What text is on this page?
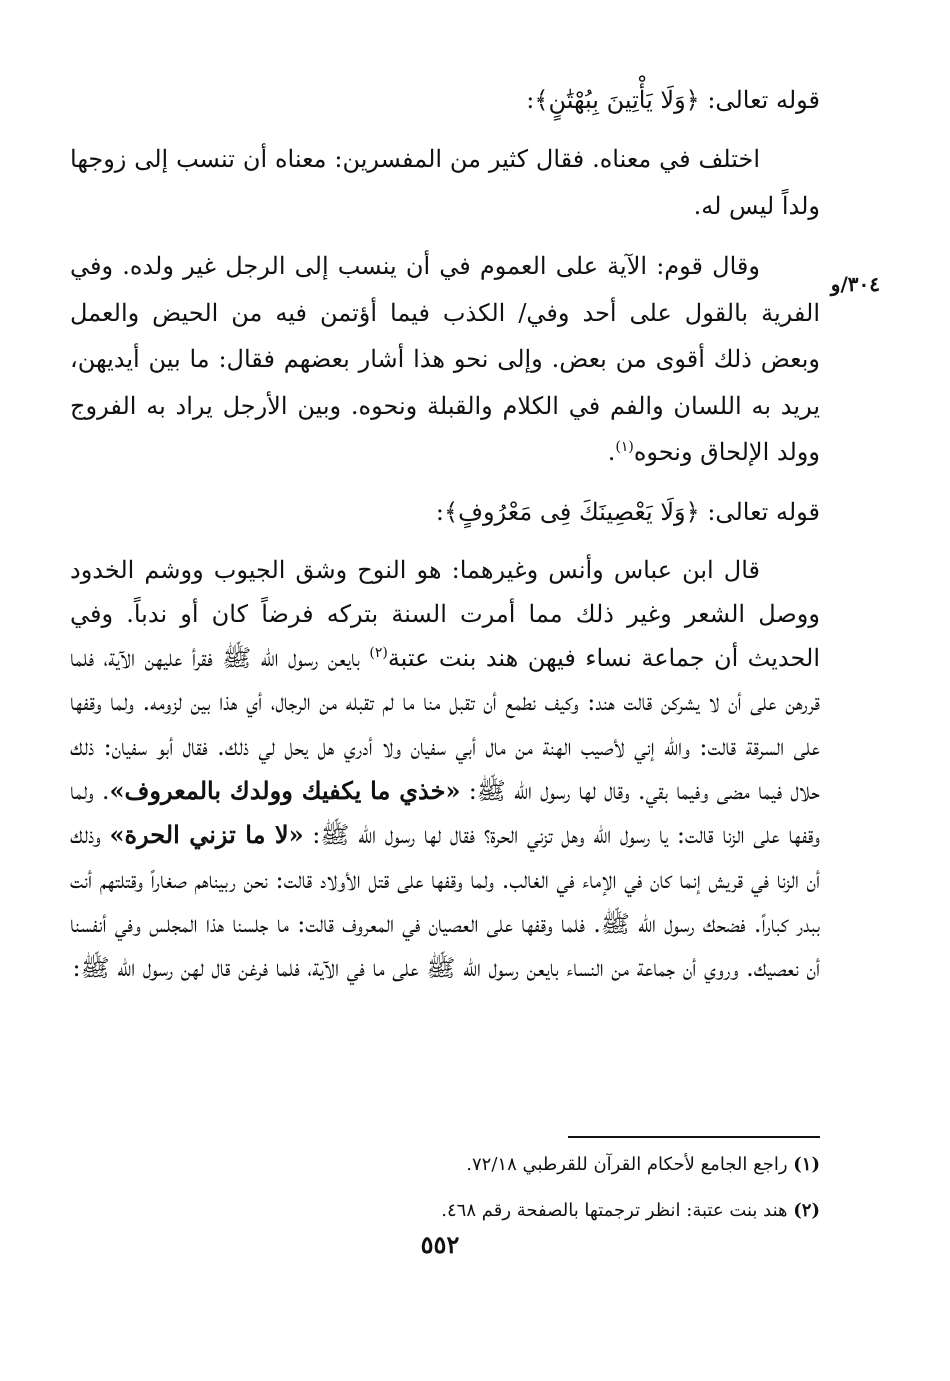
٣٠٤/و

قوله تعالى: ﴿وَلَا يَأْتِينَ بِبُهْتَٰنٍ﴾:

اختلف في معناه. فقال كثير من المفسرين: معناه أن تنسب إلى زوجها ولداً ليس له.

وقال قوم: الآية على العموم في أن ينسب إلى الرجل غير ولده. وفي الفرية بالقول على أحد وفي/ الكذب فيما أؤتمن فيه من الحيض والعمل وبعض ذلك أقوى من بعض. وإلى نحو هذا أشار بعضهم فقال: ما بين أيديهن، يريد به اللسان والفم في الكلام والقبلة ونحوه. وبين الأرجل يراد به الفروج وولد الإلحاق ونحوه$^{(١)}$.

قوله تعالى: ﴿وَلَا يَعْصِينَكَ فِى مَعْرُوفٍ﴾:

قال ابن عباس وأنس وغيرهما: هو النوح وشق الجيوب ووشم الخدود ووصل الشعر وغير ذلك مما أمرت السنة بتركه فرضاً كان أو ندباً. وفي الحديث أن جماعة نساء فيهن هند بنت عتبة$^{(٢)}$ بايعن رسول الله ﷺ فقرأ عليهن الآية، فلما قررهن على أن لا يشركن قالت هند: وكيف نطمع أن تقبل منا ما لم تقبله من الرجال، أي هذا بين لزومه. ولما وقفها على السرقة قالت: والله إني لأصيب الهنة من مال أبي سفيان ولا أدري هل يحل لي ذلك. فقال أبو سفيان: ذلك حلال فيما مضى وفيما بقي. وقال لها رسول الله ﷺ: «خذي ما يكفيك وولدك بالمعروف». ولما وقفها على الزنا قالت: يا رسول الله وهل تزني الحرة؟ فقال لها رسول الله ﷺ: «لا ما تزني الحرة» وذلك أن الزنا في قريش إنما كان في الإماء في الغالب. ولما وقفها على قتل الأولاد قالت: نحن ربيناهم صغاراً وقتلتهم أنت ببدر كباراً. فضحك رسول الله ﷺ. فلما وقفها على العصيان في المعروف قالت: ما جلسنا هذا المجلس وفي أنفسنا أن نعصيك. وروي أن جماعة من النساء بايعن رسول الله ﷺ على ما في الآية، فلما فرغن قال لهن رسول الله ﷺ:

(١) راجع الجامع لأحكام القرآن للقرطبي ٧٢/١٨.

(٢) هند بنت عتبة: انظر ترجمتها بالصفحة رقم ٤٦٨.

٥٥٢
